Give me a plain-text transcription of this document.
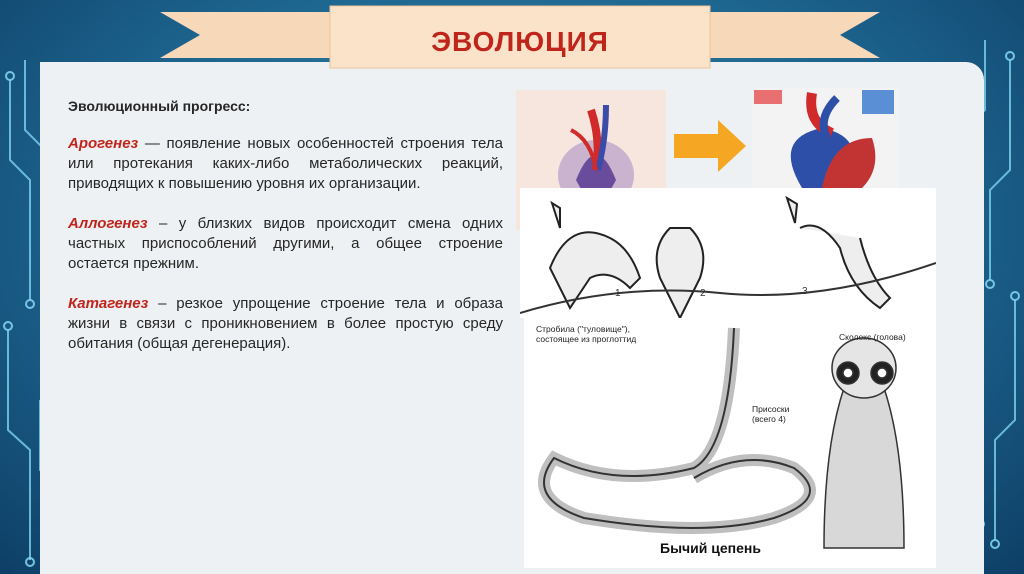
ЭВОЛЮЦИЯ
Эволюционный прогресс:
Арогенез — появление новых особенностей строения тела или протекания каких-либо метаболических реакций, приводящих к повышению уровня их организации.
Аллогенез – у близких видов происходит смена одних частных приспособлений другими, а общее строение остается прежним.
Катагенез – резкое упрощение строение тела и образа жизни в связи с проникновением в более простую среду обитания (общая дегенерация).
1	2	3
Стробила ("туловище"), состоящее из проглоттид	Сколекс (голова)
Присоски (всего 4)
Бычий цепень
